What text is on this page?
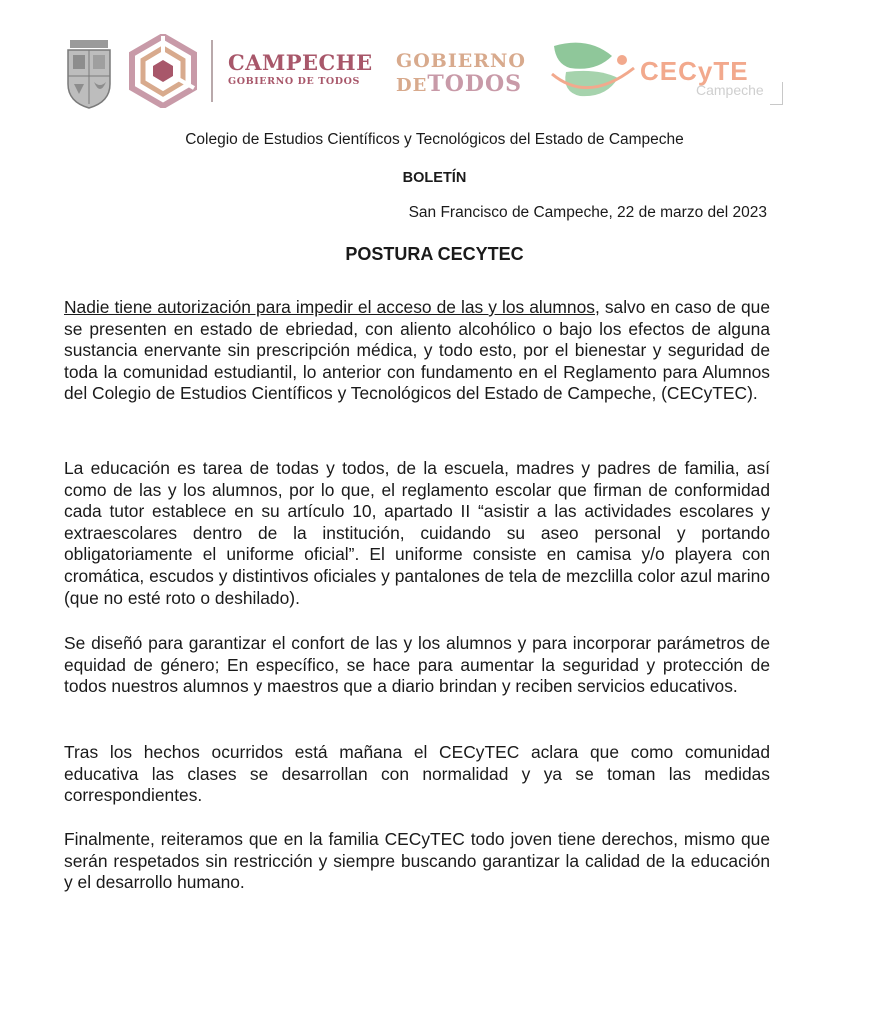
CAMPECHE
GOBIERNO DE TODOS
GOBIERNO
DETODOS	CECyTE
Campeche
Colegio de Estudios Científicos y Tecnológicos del Estado de Campeche
BOLETÍN
San Francisco de Campeche, 22 de marzo del 2023
POSTURA CECYTEC

Nadie tiene autorización para impedir el acceso de las y los alumnos, salvo en caso de que se presenten en estado de ebriedad, con aliento alcohólico o bajo los efectos de alguna sustancia enervante sin prescripción médica, y todo esto, por el bienestar y seguridad de toda la comunidad estudiantil, lo anterior con fundamento en el Reglamento para Alumnos del Colegio de Estudios Científicos y Tecnológicos del Estado de Campeche, (CECyTEC).

La educación es tarea de todas y todos, de la escuela, madres y padres de familia, así como de las y los alumnos, por lo que, el reglamento escolar que firman de conformidad cada tutor establece en su artículo 10, apartado II “asistir a las actividades escolares y extraescolares dentro de la institución, cuidando su aseo personal y portando obligatoriamente el uniforme oficial”. El uniforme consiste en camisa y/o playera con cromática, escudos y distintivos oficiales y pantalones de tela de mezclilla color azul marino (que no esté roto o deshilado).

Se diseñó para garantizar el confort de las y los alumnos y para incorporar parámetros de equidad de género; En específico, se hace para aumentar la seguridad y protección de todos nuestros alumnos y maestros que a diario brindan y reciben servicios educativos.

Tras los hechos ocurridos está mañana el CECyTEC aclara que como comunidad educativa las clases se desarrollan con normalidad y ya se toman las medidas correspondientes.

Finalmente, reiteramos que en la familia CECyTEC todo joven tiene derechos, mismo que serán respetados sin restricción y siempre buscando garantizar la calidad de la educación y el desarrollo humano.
